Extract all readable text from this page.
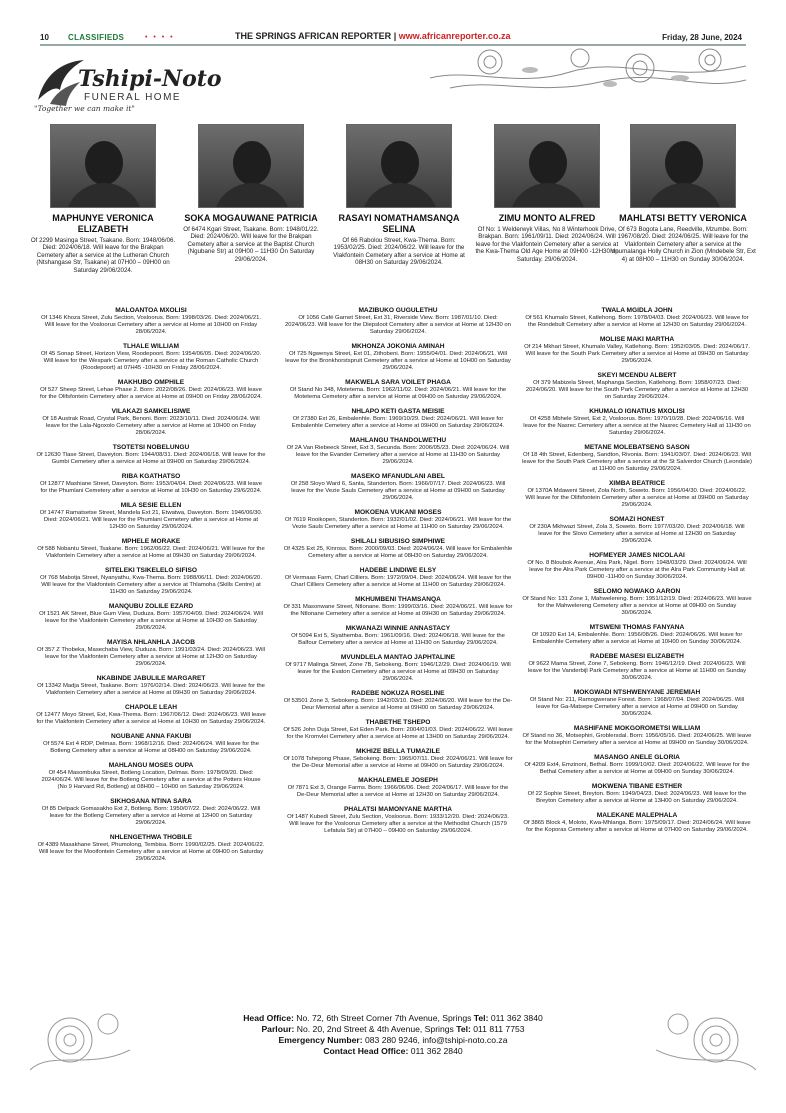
10 CLASSIFIEDS	• • • •	THE SPRINGS AFRICAN REPORTER | www.africanreporter.co.za	Friday, 28 June, 2024
Tshipi-Noto
FUNERAL HOME
"Together we can make it"
MAPHUNYE VERONICA ELIZABETH
Of 2299 Masinga Street, Tsakane. Born: 1948/06/06. Died: 2024/06/18. Will leave for the Brakpan Cemetery after a service at the Lutheran Church (Ntshangase Str, Tsakane) at 07H00 – 09H00 on Saturday 29/06/2024.
SOKA MOGAUWANE PATRICIA
Of 6474 Kgari Street, Tsakane. Born: 1948/01/22. Died: 2024/06/20. Will leave for the Brakpan Cemetery after a service at the Baptist Church (Ngubane Str) at 09H00 – 11H30 On Saturday 29/06/2024.
RASAYI NOMATHAMSANQA SELINA
Of 66 Rabolou Street, Kwa-Thema. Born: 1953/02/25. Died: 2024/06/22. Will leave for the Vlakfontein Cemetery after a service at Home at 08H30 on Saturday 29/06/2024.
ZIMU MONTO ALFRED
Of No: 1 Welderwyk Villas, No 8 Winterhook Drive, Brakpan. Born: 1961/09/11. Died: 2024/06/24. Will leave for the Vlakfontein Cemetery after a service at the Kwa-Thema Old Age Home at 09H00 -12H30 on Saturday. 29/06/2024.
MAHLATSI BETTY VERONICA
Of 673 Bogota Lane, Reedville, Mzumbe. Born: 1967/08/20. Died: 2024/06/25. Will leave for the Vlakfontein Cemetery after a service at the Mpumalanga Holly Church in Zion (Mndebele Str, Ext 4) at 08H00 – 11H30 on Sunday 30/06/2024.
MALOANTOA MXOLISI
Of 1346 Khoza Street, Zulu Section, Vosloorus. Born: 1998/03/26. Died: 2024/06/21. Will leave for the Vosloorus Cemetery after a service at Home at 10H00 on Friday 28/06/2024.
TLHALE WILLIAM
Of 45 Sonap Street, Horizon View, Roodepoort. Born: 1954/06/05. Died: 2024/06/20. Will leave for the Wespark Cemetery after a service at the Roman Catholic Church (Roodepoort) at 07H45 -10H30 on Friday 28/06/2024.
MAKHUBO OMPHILE
Of 527 Sheep Street, Lehae Phase 2. Born: 2022/08/26. Died: 2024/06/23. Will leave for the Olifsfontein Cemetery after a service at Home at 09H00 on Friday 28/06/2024.
VILAKAZI SAMKELISIWE
Of 18 Austrak Road, Crystal Park, Benoni. Born: 2023/10/11. Died: 2024/06/24. Will leave for the Lala-Ngoxolo Cemetery after a service at Home at 10H00 on Friday 28/06/2024.
TSOTETSI NOBELUNGU
Of 12630 Tlase Street, Daveyton. Born: 1944/08/31. Died: 2024/06/18. Will leave for the Gumbi Cemetery after a service at Home at 09H00 on Saturday 29/06/2024.
RIBA KGATHATSO
Of 12877 Mashiane Street, Daveyton. Born: 1953/04/04. Died: 2024/06/23. Will leave for the Phumlani Cemetery after a service at Home at 10H30 on Saturday 29/6/2024.
MILA SESIE ELLEN
Of 14747 Ramatsetse Street, Mandela Ext 21, Etwatwa, Daveyton. Born: 1946/06/30. Died: 2024/06/21. Will leave for the Phumlani Cemetery after a service at Home at 12H30 on Saturday 29/06/2024.
MPHELE MORAKE
Of 588 Nobantu Street, Tsakane. Born: 1962/06/22. Died: 2024/06/21. Will leave for the Vlakfontein Cemetery after a service at Home at 09H30 on Saturday 29/06/2024.
SITELEKI TSIKELELO SIFISO
Of 768 Mabotja Street, Nyanyathu, Kwa-Thema. Born: 1988/06/11. Died: 2024/06/20. Will leave for the Vlakfontein Cemetery after a service at Thlamoha (Skills Centre) at 11H30 on Saturday 29/06/2024.
MANQUBU ZOLILE EZARD
Of 1521 AK Street, Blue Gum View, Duduza. Born: 1957/04/09. Died: 2024/06/24. Will leave for the Vlakfontein Cemetery after a service at Home at 10H30 on Saturday 29/06/2024.
MAYISA NHLANHLA JACOB
Of 357 Z Thobeka, Masechaba View, Duduza. Born: 1991/03/24. Died: 2024/06/23. Will leave for the Vlakfontein Cemetery after a service at Home at 12H30 on Saturday 29/06/2024.
NKABINDE JABULILE MARGARET
Of 13342 Madja Street, Tsakane. Born: 1976/02/14. Died: 2024/06/23. Will leave for the Vlakfontein Cemetery after a service at Home at 09H30 on Saturday 29/06/2024.
CHAPOLE LEAH
Of 12477 Moyo Street, Ext, Kwa-Thema. Born: 1967/06/12. Died: 2024/06/23. Will leave for the Vlakfontein Cemetery after a service at Home at 10H30 on Saturday 29/06/2024.
NGUBANE ANNA FAKUBI
Of 5574 Ext 4 RDP, Delmas. Born: 1968/12/16. Died: 2024/06/24. Will leave for the Botleng Cemetery after a service at Home at 08H00 on Saturday 29/06/2024.
MAHLANGU MOSES OUPA
Of 454 Masombuka Street, Botleng Location, Delmas. Born: 1978/09/20. Died: 2024/06/24. Will leave for the Botleng Cemetery after a service at the Potters House (No 9 Harvard Rd, Botleng) at 08H00 – 10H00 on Saturday 29/06/2024.
SIKHOSANA NTINA SARA
Of 85 Delpack Gomasakho Ext 2, Botleng. Born: 1950/07/22. Died: 2024/06/22. Will leave for the Botleng Cemetery after a service at Home at 12H00 on Saturday 29/06/2024.
NHLENGETHWA THOBILE
Of 4389 Masakhane Street, Phumolong, Tembisa. Born: 1990/02/25. Died: 2024/06/22. Will leave for the Mooifontein Cemetery after a service at Home at 09H00 on Saturday 29/06/2024.
MAZIBUKO GUGULETHU
Of 1056 Café Garnet Street, Ext 31, Riverside View. Born: 1987/01/10. Died: 2024/06/23. Will leave for the Diepsloot Cemetery after a service at Home at 12H30 on Saturday 29/06/2024.
MKHONZA JOKONIA AMINAH
Of 725 Ngwenya Street, Ext 01, Zithobeni. Born: 1955/04/01. Died: 2024/06/21. Will leave for the Bronkhorstspruit Cemetery after a service at Home at 10H00 on Saturday 29/06/2024.
MAKWELA SARA VOILET PHAGA
Of Stand No 348, Motetema. Born: 1962/11/02. Died: 2024/06/21. Will leave for the Motetema Cemetery after a service at Home at 09H00 on Saturday 29/06/2024.
NHLAPO KETI GASTA MEISIE
Of 27380 Ext 26, Embalenhle. Born: 1969/10/29. Died: 2024/06/21. Will leave for Embalenhle Cemetery after a service at Home at 09H00 on Saturday 29/06/2024.
MAHLANGU THANDOLWETHU
Of 2A Van Riebeeck Street, Ext 3, Secunda. Born: 2006/05/23. Died: 2024/06/24. Will leave for the Evander Cemetery after a service at Home at 11H30 on Saturday 29/06/2024.
MASEKO MFANUDLANI ABEL
Of 258 Sloyo Ward 6, Santa, Standerton. Born: 1966/07/17. Died: 2024/06/23. Will leave for the Vezie Sauls Cemetery after a service at Home at 09H00 on Saturday 29/06/2024.
MOKOENA VUKANI MOSES
Of 7619 Rooikopen, Standerton. Born: 1932/01/02. Died: 2024/06/21. Will leave for the Vezie Sauls Cemetery after a service at Home at 11H00 on Saturday 29/06/2024.
SHILALI SIBUSISO SIMPHIWE
Of 4325 Ext 25, Kinross. Born: 2000/09/03. Died: 2024/06/24. Will leave for Embalenhle Cemetery after a service at Home at 08H30 on Saturday 29/06/2024.
HADEBE LINDIWE ELSY
Of Vermaas Farm, Charl Cilliers. Born: 1972/09/04. Died: 2024/06/24. Will leave for the Charl Cilliers Cemetery after a service at Home at 11H00 on Saturday 29/06/2024.
MKHUMBENI THAMSANQA
Of 331 Masonwane Street, Ntlonane. Born: 1999/03/16. Died: 2024/06/21. Will leave for the Ntlonane Cemetery after a service at Home at 09H30 on Saturday 29/06/2024.
MKWANAZI WINNIE ANNASTACY
Of 5094 Ext 5, Siyathemba. Born: 1961/09/16. Died: 2024/06/18. Will leave for the Balfour Cemetery after a service at Home at 11H30 on Saturday 29/06/2024.
MVUNDLELA MANTAO JAPHTALINE
Of 9717 Malinga Street, Zone 7B, Sebokeng. Born: 1946/12/29. Died: 2024/06/19. Will leave for the Evaton Cemetery after a service at Home at 09H30 on Saturday 29/06/2024.
RADEBE NOKUZA ROSELINE
Of 53501 Zone 3, Sebokeng. Born: 1942/03/10. Died: 2024/06/20. Will leave for the De-Deur Memorial after a service at Home at 09H00 on Saturday 29/06/2024.
THABETHE TSHEPO
Of 526 John Duja Street, Ext Eden Park. Born: 2004/01/03. Died: 2024/06/22. Will leave for the Kromvlei Cemetery after a service at Home at 13H00 on Saturday 29/06/2024.
MKHIZE BELLA TUMAZILE
Of 1078 Tshepong Phase, Sebokeng. Born: 1965/07/11. Died: 2024/06/21. Will leave for the De-Deur Memorial after a service at Home at 09H00 on Saturday 29/06/2024.
MAKHALEMELE JOSEPH
Of 7871 Ext 3, Orange Farms. Born: 1966/06/06. Died: 2024/06/17. Will leave for the De-Deur Memorial after a service at Home at 12H30 on Saturday 29/06/2024.
PHALATSI MAMONYANE MARTHA
Of 1487 Kubedi Street, Zulu Section, Vosloorus. Born: 1933/12/20. Died: 2024/06/23. Will leave for the Vosloorus Cemetery after a service at the Methodist Church (1579 Lefatula Str) at 07H00 – 09H00 on Saturday 29/06/2024.
TWALA MGIDLA JOHN
Of 561 Khumalo Street, Katlehong. Born: 1978/04/03. Died: 2024/06/23. Will leave for the Rondebult Cemetery after a service at Home at 12H30 on Saturday 29/06/2024.
MOLISE MAKI MARTHA
Of 214 Mkhari Street, Khumalo Valley, Katlehong. Born: 1952/03/05. Died: 2024/06/17. Will leave for the South Park Cemetery after a service at Home at 09H30 on Saturday 29/06/2024.
SKEYI MCENDU ALBERT
Of 379 Mabizela Street, Maphanga Section, Katlehong. Born: 1958/07/23. Died: 2024/06/20. Will leave for the South Park Cemetery after a service at Home at 12H30 on Saturday 29/06/2024.
KHUMALO IGNATIUS MXOLISI
Of 4258 Mbhele Street, Ext 2, Vosloorus. Born: 1970/10/28. Died: 2024/06/16. Will leave for the Nasrec Cemetery after a service at the Nasrec Cemetery Hall at 11H30 on Saturday 29/06/2024.
METANE MOLEBATSENG SASON
Of 18 4th Street, Edenberg, Sandton, Rivonia. Born: 1941/03/07. Died: 2024/06/23. Will leave for the South Park Cemetery after a service at the St Salverdor Church (Leondale) at 11H00 on Saturday 29/06/2024.
XIMBA BEATRICE
Of 1370A Mdaweni Street, Zola North, Soweto. Born: 1956/04/30. Died: 2024/06/22. Will leave for the Olifsfontein Cemetery after a service at Home at 09H00 on Saturday 29/06/2024.
SOMAZI HONEST
Of 230A Mkhwazi Street, Zola 3, Soweto. Born: 1977/03/20. Died: 2024/06/18. Will leave for the Slovo Cemetery after a service at Home at 12H30 on Saturday 29/06/2024.
HOFMEYER JAMES NICOLAAI
Of No. 8 Bloubok Avenue, Alra Park, Nigel. Born: 1948/03/29. Died: 2024/06/24. Will leave for the Alra Park Cemetery after a service at the Alra Park Community Hall at 09H00 -11H00 on Sunday 30/06/2024.
SELOMO NGWAKO AARON
Of Stand No: 131 Zone 1, Mahwelereng. Born: 1951/12/19. Died: 2024/06/23. Will leave for the Mahwelereng Cemetery after a service at Home at 09H00 on Sunday 30/06/2024.
MTSWENI THOMAS FANYANA
Of 10920 Ext 14, Embalenhle. Born: 1956/08/26. Died: 2024/06/26. Will leave for Embalenhle Cemetery after a service at Home at 10H00 on Sunday 30/06/2024.
RADEBE MASESI ELIZABETH
Of 9622 Mama Street, Zone 7, Sebokeng. Born: 1946/12/19. Died: 2024/06/23. Will leave for the Vanderbijl Park Cemetery after a service at Home at 11H00 on Sunday 30/06/2024.
MOKGWADI NTSHWENYANE JEREMIAH
Of Stand No: 211, Ramogwerane Forest. Born: 1968/07/04. Died: 2024/06/25. Will leave for Ga-Matsepe Cemetery after a service at Home at 09H00 on Sunday 30/06/2024.
MASHIFANE MOKGOROMETSI WILLIAM
Of Stand no 36, Motsephiri, Groblersdal. Born: 1956/05/16. Died: 2024/06/25. Will leave for the Motsephiri Cemetery after a service at Home at 09H00 on Sunday 30/06/2024.
MASANGO ANELE GLORIA
Of 4209 Ext4, Emzinoni, Bethal. Born: 1999/10/02. Died: 2024/06/22. Will leave for the Bethal Cemetery after a service at Home at 09H00 on Sunday 30/06/2024.
MOKWENA TIBANE ESTHER
Of 22 Sophie Street, Breyton. Born: 1949/04/23. Died: 2024/06/23. Will leave for the Breyton Cemetery after a service at Home at 13H00 on Saturday 29/06/2024.
MALEKANE MALEPHALA
Of 3865 Block 4, Moloto, Kwa-Mhlanga. Born: 1975/09/17. Died: 2024/06/24. Will leave for the Koporas Cemetery after a service at Home at 07H00 on Saturday 29/06/2024.
Head Office: No. 72, 6th Street Corner 7th Avenue, Springs Tel: 011 362 3840
Parlour: No. 20, 2nd Street & 4th Avenue, Springs Tel: 011 811 7753
Emergency Number: 083 280 9246, info@tshipi-noto.co.za
Contact Head Office: 011 362 2840
